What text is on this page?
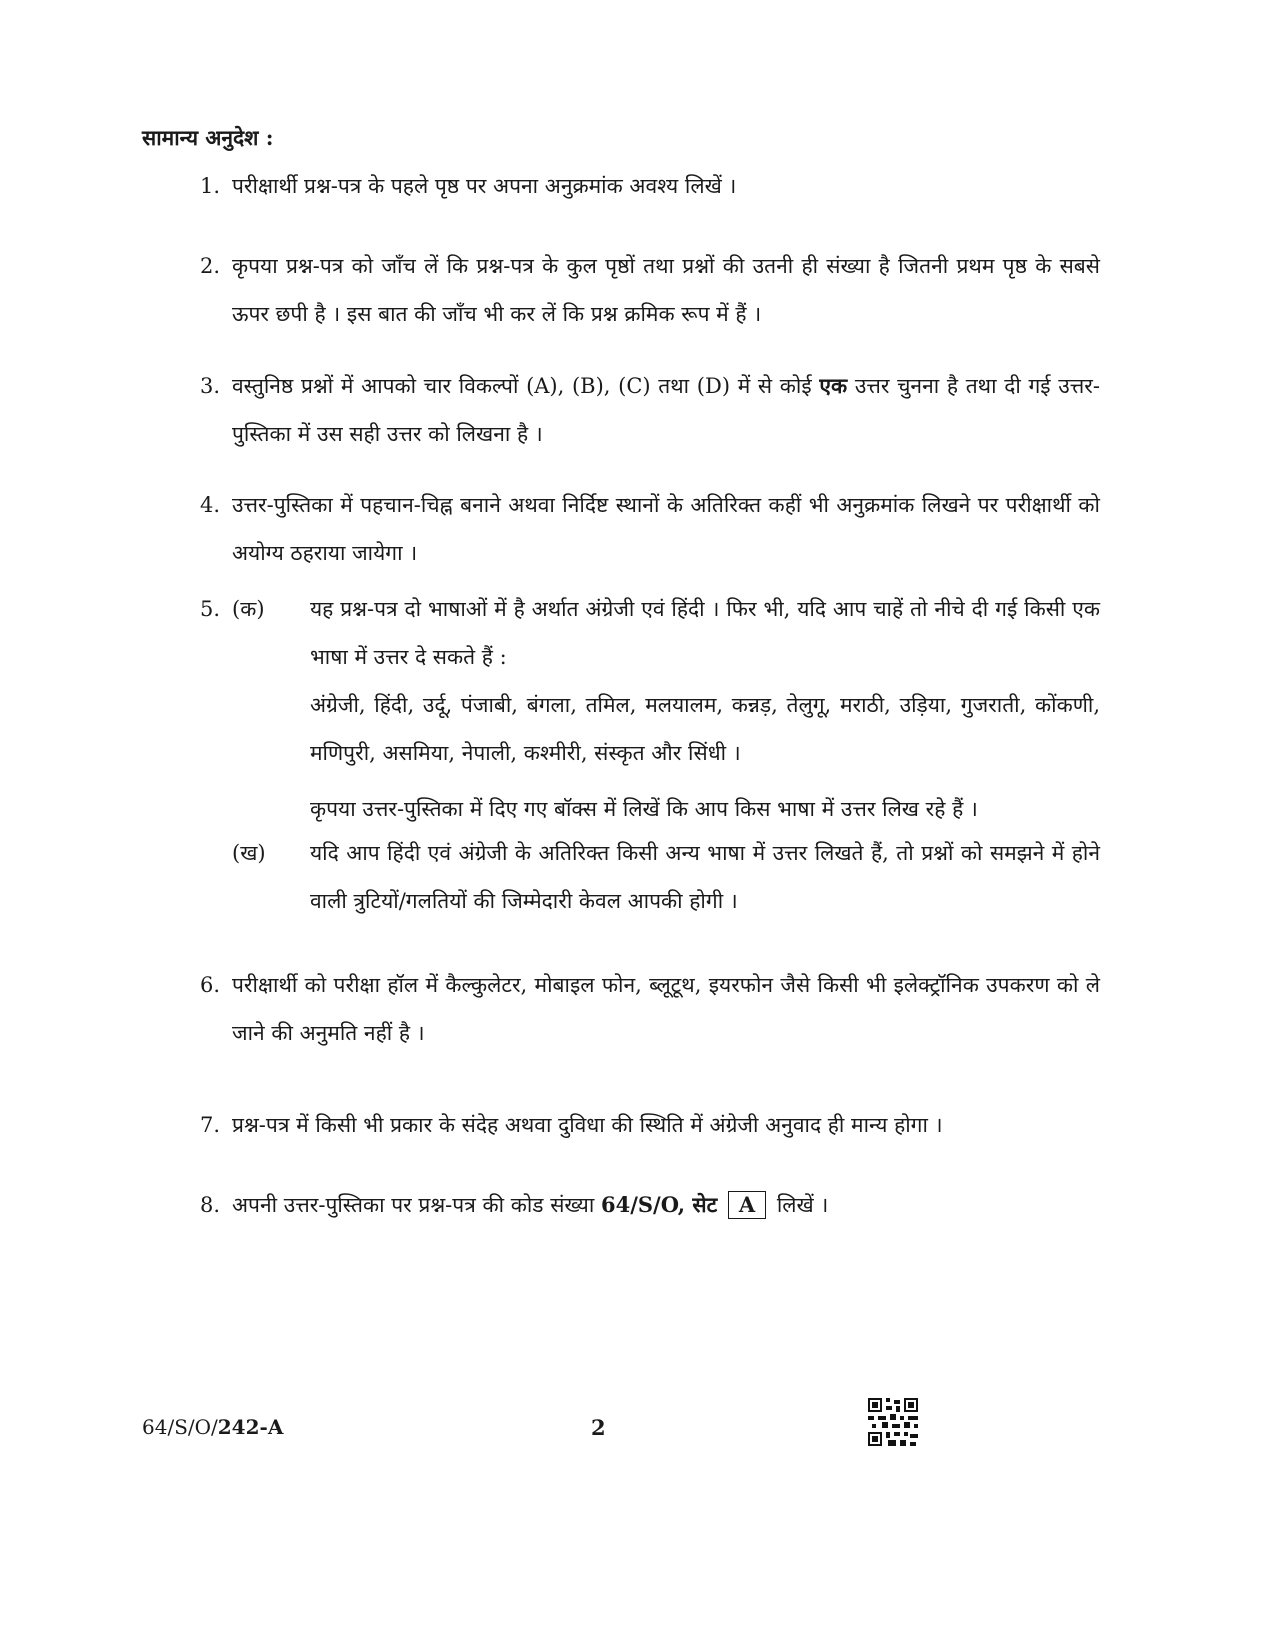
सामान्य अनुदेश :
1. परीक्षार्थी प्रश्न-पत्र के पहले पृष्ठ पर अपना अनुक्रमांक अवश्य लिखें ।
2. कृपया प्रश्न-पत्र को जाँच लें कि प्रश्न-पत्र के कुल पृष्ठों तथा प्रश्नों की उतनी ही संख्या है जितनी प्रथम पृष्ठ के सबसे ऊपर छपी है । इस बात की जाँच भी कर लें कि प्रश्न क्रमिक रूप में हैं ।
3. वस्तुनिष्ठ प्रश्नों में आपको चार विकल्पों (A), (B), (C) तथा (D) में से कोई एक उत्तर चुनना है तथा दी गई उत्तर-पुस्तिका में उस सही उत्तर को लिखना है ।
4. उत्तर-पुस्तिका में पहचान-चिह्न बनाने अथवा निर्दिष्ट स्थानों के अतिरिक्त कहीं भी अनुक्रमांक लिखने पर परीक्षार्थी को अयोग्य ठहराया जायेगा ।
5. (क)	यह प्रश्न-पत्र दो भाषाओं में है अर्थात अंग्रेजी एवं हिंदी । फिर भी, यदि आप चाहें तो नीचे दी गई किसी एक भाषा में उत्तर दे सकते हैं :
अंग्रेजी, हिंदी, उर्दू, पंजाबी, बंगला, तमिल, मलयालम, कन्नड़, तेलुगू, मराठी, उड़िया, गुजराती, कोंकणी, मणिपुरी, असमिया, नेपाली, कश्मीरी, संस्कृत और सिंधी ।
कृपया उत्तर-पुस्तिका में दिए गए बॉक्स में लिखें कि आप किस भाषा में उत्तर लिख रहे हैं ।
(ख)	यदि आप हिंदी एवं अंग्रेजी के अतिरिक्त किसी अन्य भाषा में उत्तर लिखते हैं, तो प्रश्नों को समझने में होने वाली त्रुटियों/गलतियों की जिम्मेदारी केवल आपकी होगी ।
6. परीक्षार्थी को परीक्षा हॉल में कैल्कुलेटर, मोबाइल फोन, ब्लूटूथ, इयरफोन जैसे किसी भी इलेक्ट्रॉनिक उपकरण को ले जाने की अनुमति नहीं है ।
7. प्रश्न-पत्र में किसी भी प्रकार के संदेह अथवा दुविधा की स्थिति में अंग्रेजी अनुवाद ही मान्य होगा ।
8. अपनी उत्तर-पुस्तिका पर प्रश्न-पत्र की कोड संख्या 64/S/O, सेट A लिखें ।
64/S/O/242-A	2
